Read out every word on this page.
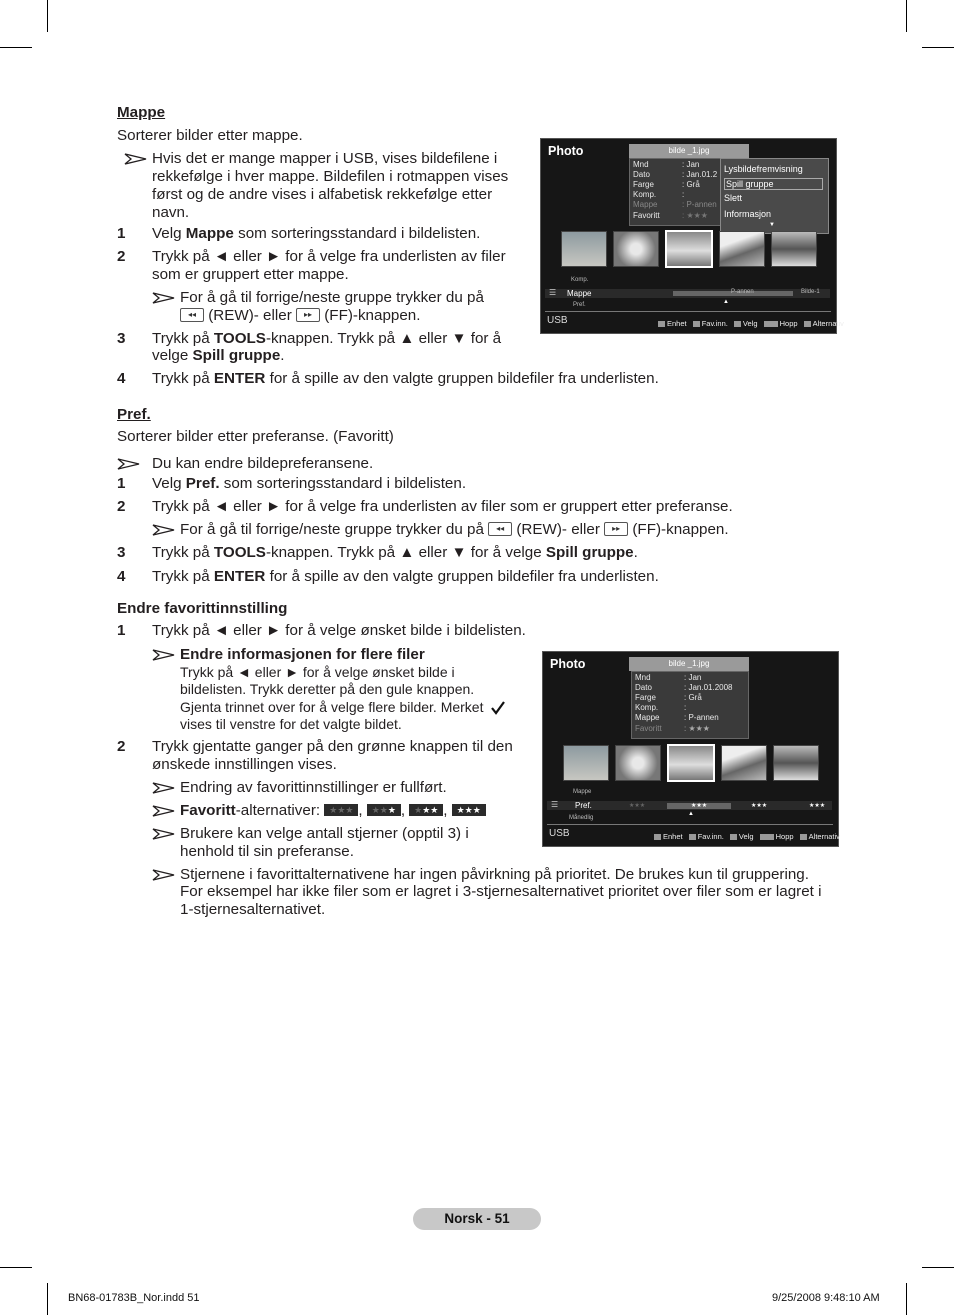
Mappe
Sorterer bilder etter mappe.
Hvis det er mange mapper i USB, vises bildefilene i rekkefølge i hver mappe. Bildefilen i rotmappen vises først og de andre vises i alfabetisk rekkefølge etter navn.
1 Velg Mappe som sorteringsstandard i bildelisten.
2 Trykk på ◄ eller ► for å velge fra underlisten av filer
som er gruppert etter mappe.
For å gå til forrige/neste gruppe trykker du på
◂◂ (REW)- eller ▸▸ (FF)-knappen.
3 Trykk på TOOLS-knappen. Trykk på ▲ eller ▼ for å
velge Spill gruppe.
4 Trykk på ENTER for å spille av den valgte gruppen bildefiler fra underlisten.
Photo	bilde _1.jpg
Mnd	: Jan
Dato	: Jan.01.2
Farge	: Grå
Komp.	:
Mappe	: P-annen
Favoritt	: ★★★
Lysbildefremvisning
Spill gruppe
Slett
Informasjon
▼
Komp.
☰ Mappe	P-annen	Bilde-1
▲
Pref.
USB	Enhet Fav.inn. Velg	Hopp Alternativ
Pref.
Sorterer bilder etter preferanse. (Favoritt)
Du kan endre bildepreferansene.
1 Velg Pref. som sorteringsstandard i bildelisten.
2 Trykk på ◄ eller ► for å velge fra underlisten av filer som er gruppert etter preferanse.
For å gå til forrige/neste gruppe trykker du på ◂◂ (REW)- eller ▸▸ (FF)-knappen.
3 Trykk på TOOLS-knappen. Trykk på ▲ eller ▼ for å velge Spill gruppe.
4 Trykk på ENTER for å spille av den valgte gruppen bildefiler fra underlisten.
Endre favorittinnstilling
1 Trykk på ◄ eller ► for å velge ønsket bilde i bildelisten.
Endre informasjonen for flere filer
Trykk på ◄ eller ► for å velge ønsket bilde i
bildelisten. Trykk deretter på den gule knappen.
Gjenta trinnet over for å velge flere bilder. Merket
vises til venstre for det valgte bildet.
2 Trykk gjentatte ganger på den grønne knappen til den
ønskede innstillingen vises.
Endring av favorittinnstillinger er fullført.
Favoritt-alternativer: ★★★ , ★★★ , ★★★ , ★★★
Brukere kan velge antall stjerner (opptil 3) i
henhold til sin preferanse.
Stjernene i favorittalternativene har ingen påvirkning på prioritet. De brukes kun til gruppering.
For eksempel har ikke filer som er lagret i 3-stjernesalternativet prioritet over filer som er lagret i
1-stjernesalternativet.
Photo	bilde _1.jpg
Mnd	: Jan
Dato	: Jan.01.2008
Farge	: Grå
Komp.	:
Mappe	: P-annen
Favoritt	: ★★★
Mappe
☰ Pref.	★★★	★★★	★★★	★★★
▲
Månedlig
USB	Enhet Fav.inn. Velg	Hopp Alternativ
Norsk - 51
BN68-01783B_Nor.indd 51	9/25/2008 9:48:10 AM
